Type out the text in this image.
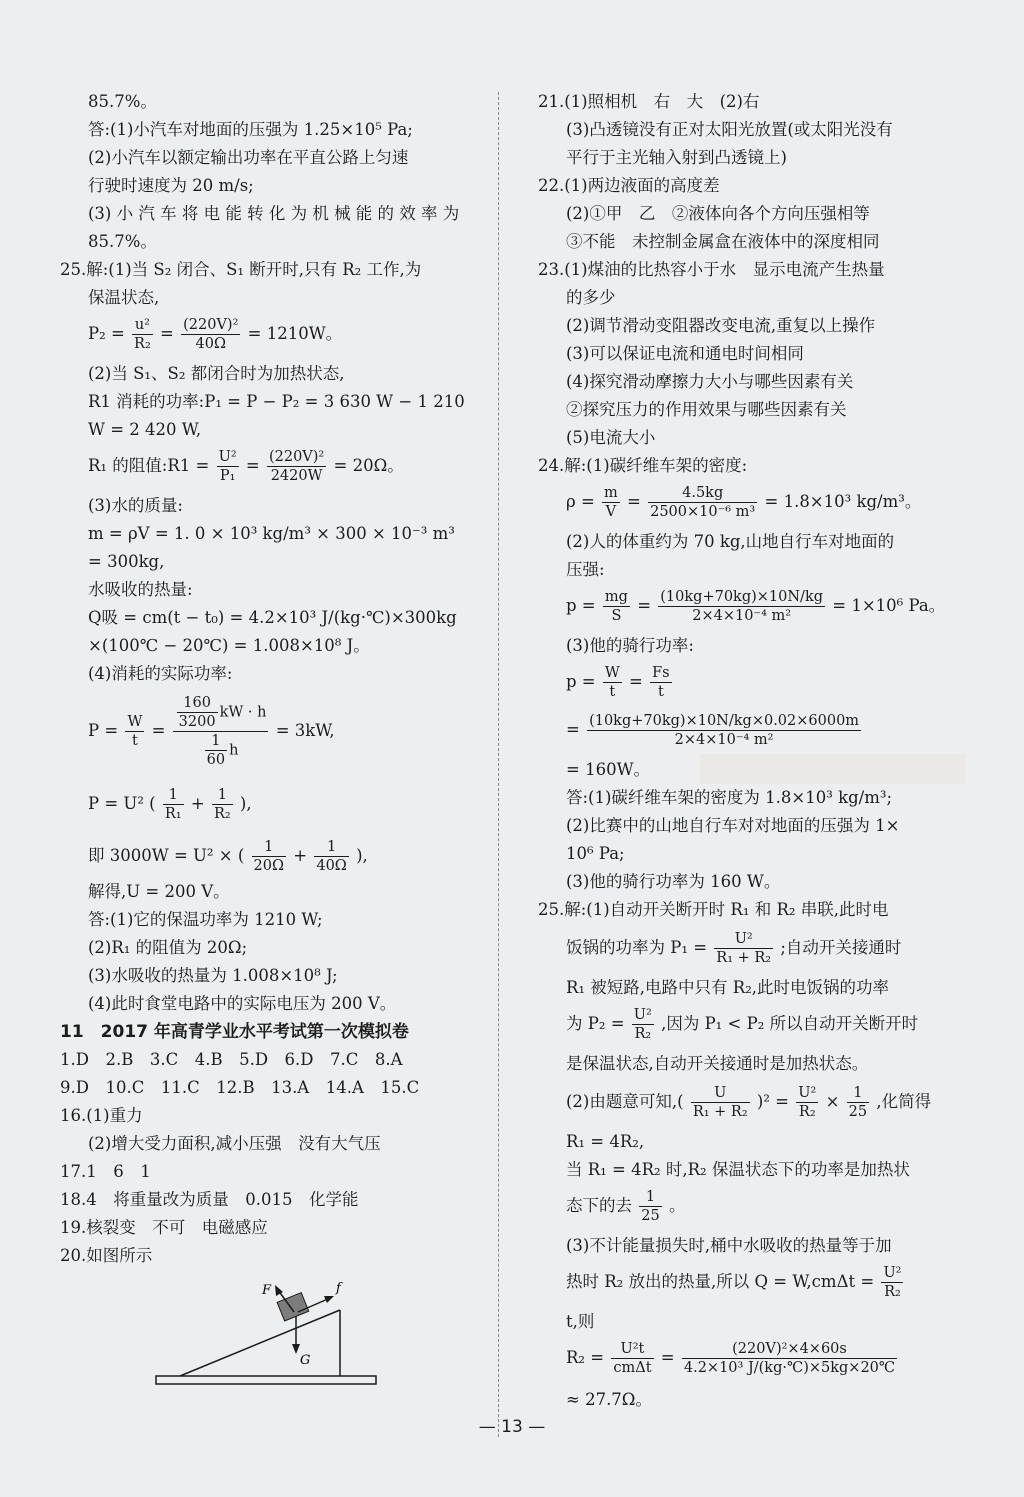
85.7%。
答:(1)小汽车对地面的压强为 1.25×10⁵ Pa;
(2)小汽车以额定输出功率在平直公路上匀速
行驶时速度为 20 m/s;
(3) 小 汽 车 将 电 能 转 化 为 机 械 能 的 效 率 为
85.7%。
25.解:(1)当 S₂ 闭合、S₁ 断开时,只有 R₂ 工作,为
保温状态,
$P_2 = \frac{\text{u²}}{\text{R₂}} = \frac{\text{(220V)²}}{40\Omega} = 1210W$。
(2)当 S₁、S₂ 都闭合时为加热状态,
R1 消耗的功率:P₁ = P − P₂ = 3 630 W − 1 210
W = 2 420 W,
R₁ 的阻值:R1 = $\frac{\text{U²}}{\text{P₁}} = \frac{\text{(220V)²}}{2420W} = 20\Omega$。
(3)水的质量:
m = ρV = 1. 0 × 10³ kg/m³ × 300 × 10⁻³ m³
= 300kg,
水吸收的热量:
Q吸 = cm(t − t₀) = 4.2×10³ J/(kg·℃)×300kg
×(100℃ − 20℃) = 1.008×10⁸ J。
(4)消耗的实际功率:
$P = \frac{W}{t} = \frac{\frac{160}{3200} kW \cdot h}{\frac{1}{60} h} = 3kW$,
P = U² ( $\frac{1}{\text{R₁}} + \frac{1}{\text{R₂}}$ ),
即 3000W = U² × ( $\frac{1}{20\Omega} + \frac{1}{40\Omega}$ ),
解得,U = 200 V。
答:(1)它的保温功率为 1210 W;
(2)R₁ 的阻值为 20Ω;
(3)水吸收的热量为 1.008×10⁸ J;
(4)此时食堂电路中的实际电压为 200 V。
11　2017 年高青学业水平考试第一次模拟卷
1.D　2.B　3.C　4.B　5.D　6.D　7.C　8.A
9.D　10.C　11.C　12.B　13.A　14.A　15.C
16.(1)重力
(2)增大受力面积,减小压强　没有大气压
17.1　6　1
18.4　将重量改为质量　0.015　化学能
19.核裂变　不可　电磁感应
20.如图所示
F	f
G
21.(1)照相机　右　大　(2)右
(3)凸透镜没有正对太阳光放置(或太阳光没有
平行于主光轴入射到凸透镜上)
22.(1)两边液面的高度差
(2)①甲　乙　②液体向各个方向压强相等
③不能　未控制金属盒在液体中的深度相同
23.(1)煤油的比热容小于水　显示电流产生热量
的多少
(2)调节滑动变阻器改变电流,重复以上操作
(3)可以保证电流和通电时间相同
(4)探究滑动摩擦力大小与哪些因素有关
②探究压力的作用效果与哪些因素有关
(5)电流大小
24.解:(1)碳纤维车架的密度:
$\rho = \frac{m}{V} = \frac{4.5kg}{\text{2500×10⁻⁶ m³}} = 1.8\times 10^3$ kg/m³。
(2)人的体重约为 70 kg,山地自行车对地面的
压强:
$p = \frac{mg}{S} = \frac{(10kg+70kg)\times 10N/kg}{\text{2×4×10⁻⁴ m²}} = 1\times 10^6$ Pa。
(3)他的骑行功率:
$p = \frac{W}{t} = \frac{Fs}{t}$
= $\frac{(10kg+70kg)\times 10N/kg\times 0.02\times 6000m}{\text{2×4×10⁻⁴ m²}}$
= 160W。
答:(1)碳纤维车架的密度为 1.8×10³ kg/m³;
(2)比赛中的山地自行车对对地面的压强为 1×
10⁶ Pa;
(3)他的骑行功率为 160 W。
25.解:(1)自动开关断开时 R₁ 和 R₂ 串联,此时电
饭锅的功率为 $P_1 = \frac{\text{U²}}{\text{R₁ + R₂}}$ ;自动开关接通时
R₁ 被短路,电路中只有 R₂,此时电饭锅的功率
为 $P_2 = \frac{\text{U²}}{\text{R₂}}$ ,因为 P₁ < P₂ 所以自动开关断开时
是保温状态,自动开关接通时是加热状态。
(2)由题意可知,( $\frac{U}{\text{R₁ + R₂}} )^2 = \frac{\text{U²}}{\text{R₂}} \times \frac{1}{25}$ ,化简得
R₁ = 4R₂,
当 R₁ = 4R₂ 时,R₂ 保温状态下的功率是加热状
态下的去 $\frac{1}{25}$ 。
(3)不计能量损失时,桶中水吸收的热量等于加
热时 R₂ 放出的热量,所以 $Q = W,cm\Delta t = \frac{\text{U²}}{\text{R₂}}$
t,则
$R_2 = \frac{\text{U²t}}{\text{cmΔt}} = \frac{\text{(220V)²×4×60s}}{\text{4.2×10³ J/(kg·℃)×5kg×20℃}}$
≈ 27.7Ω。
— 13 —
